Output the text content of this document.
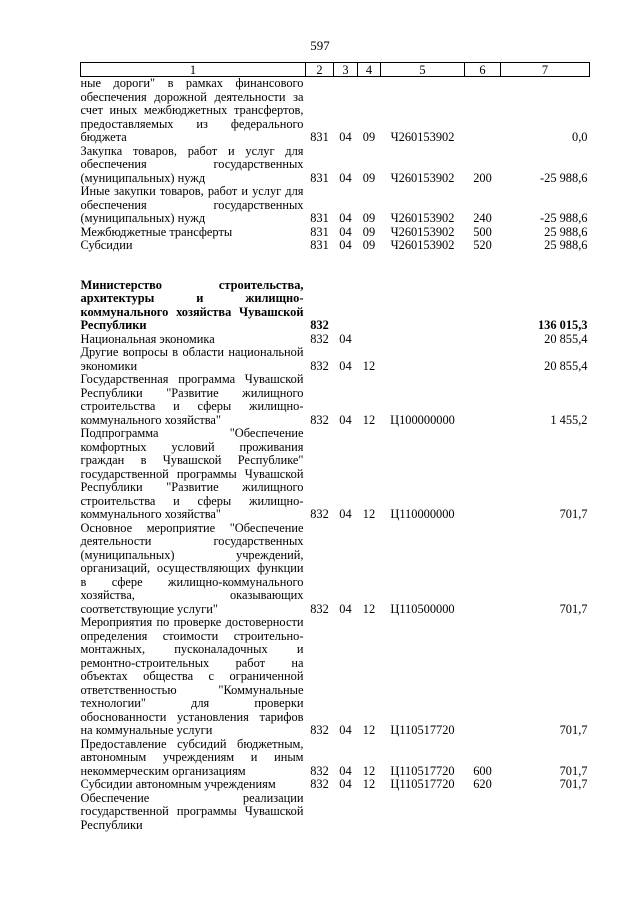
597
1	2	3	4	5	6	7
ные дороги" в рамках финансового обеспечения дорожной деятельности за счет иных межбюджетных трансфертов, предоставляемых из федерального бюджета	831	04	09	Ч260153902		0,0
Закупка товаров, работ и услуг для обеспечения государственных (муниципальных) нужд	831	04	09	Ч260153902	200	-25 988,6
Иные закупки товаров, работ и услуг для обеспечения государственных (муниципальных) нужд	831	04	09	Ч260153902	240	-25 988,6
Межбюджетные трансферты	831	04	09	Ч260153902	500	25 988,6
Субсидии	831	04	09	Ч260153902	520	25 988,6

Министерство строительства, архитектуры и жилищно-коммунального хозяйства Чувашской Республики	832					136 015,3
Национальная экономика	832	04				20 855,4
Другие вопросы в области национальной экономики	832	04	12			20 855,4
Государственная программа Чувашской Республики "Развитие жилищного строительства и сферы жилищно-коммунального хозяйства"	832	04	12	Ц100000000		1 455,2
Подпрограмма "Обеспечение комфортных условий проживания граждан в Чувашской Республике" государственной программы Чувашской Республики "Развитие жилищного строительства и сферы жилищно-коммунального хозяйства"	832	04	12	Ц110000000		701,7
Основное мероприятие "Обеспечение деятельности государственных (муниципальных) учреждений, организаций, осуществляющих функции в сфере жилищно-коммунального хозяйства, оказывающих соответствующие услуги"	832	04	12	Ц110500000		701,7
Мероприятия по проверке достоверности определения стоимости строительно-монтажных, пусконаладочных и ремонтно-строительных работ на объектах общества с ограниченной ответственностью "Коммунальные технологии" для проверки обоснованности установления тарифов на коммунальные услуги	832	04	12	Ц110517720		701,7
Предоставление субсидий бюджетным, автономным учреждениям и иным некоммерческим организациям	832	04	12	Ц110517720	600	701,7
Субсидии автономным учреждениям	832	04	12	Ц110517720	620	701,7
Обеспечение реализации государственной программы Чувашской Республики						
